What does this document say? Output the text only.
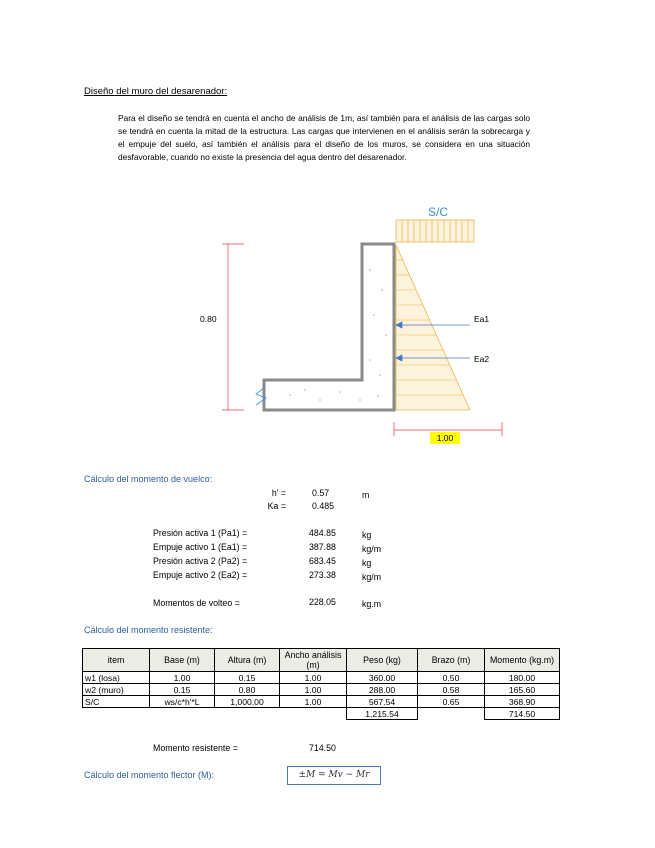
Diseño del muro del desarenador:
Para el diseño se tendrá en cuenta el ancho de análisis de 1m, así también para el análisis de las cargas solo se tendrá en cuenta la mitad de la estructura. Las cargas que intervienen en el análisis serán la sobrecarga y el empuje del suelo, así también el análisis para el diseño de los muros, se considera en una situación desfavorable, cuando no existe la presencia del agua dentro del desarenador.
S/C
0.80
1.00
Ea1
Ea2
Cálculo del momento de vuelco:
h' =	0.57	m
Ka =	0.485
Presión activa 1 (Pa1) =	484.85	kg
Empuje activo 1 (Ea1) =	387.88	kg/m
Presión activa 2 (Pa2) =	683.45	kg
Empuje activo 2 (Ea2) =	273.38	kg/m
Momentos de volteo =	228.05	kg.m
Cálculo del momento resistente:
item	Base (m)	Altura (m)	Ancho análisis (m)	Peso (kg)	Brazo (m)	Momento (kg.m)
w1 (losa)	1.00	0.15	1.00	360.00	0.50	180.00
w2 (muro)	0.15	0.80	1.00	288.00	0.58	165.60
S/C	ws/c*h'*L	1,000.00	1.00	567.54	0.65	368.90
				1,215.54		714.50
Momento resistente =	714.50
Cálculo del momento flector (M):	±M = Mv − Mr
